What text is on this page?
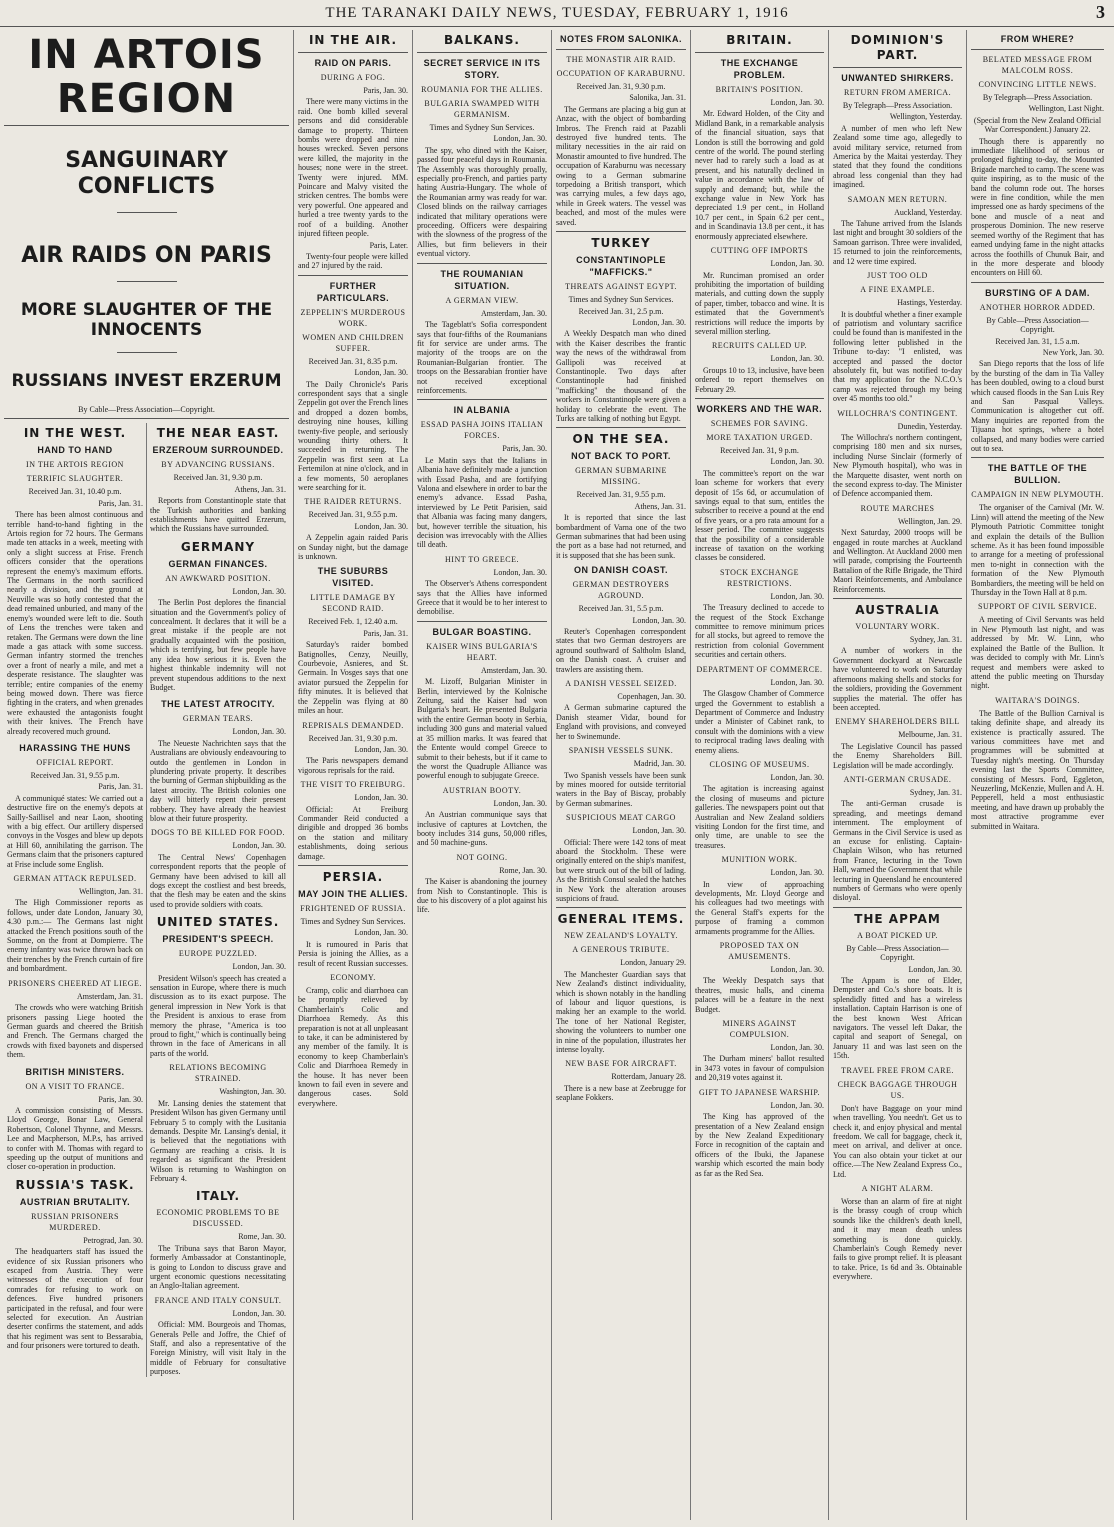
THE TARANAKI DAILY NEWS, TUESDAY, FEBRUARY 1, 1916	3
IN ARTOIS REGION
SANGUINARY CONFLICTS
AIR RAIDS ON PARIS
MORE SLAUGHTER OF THE INNOCENTS
RUSSIANS INVEST ERZERUM
By Cable—Press Association—Copyright.
IN THE WEST.
HAND TO HAND
IN THE ARTOIS REGION
TERRIFIC SLAUGHTER.
Received Jan. 31, 10.40 p.m.
Paris, Jan. 31.

There has been almost continuous and terrible hand-to-hand fighting in the Artois region for 72 hours. The Germans made ten attacks in a week, meeting with only a slight success at Frise. French officers consider that the operations represent the enemy's maximum efforts. The Germans in the north sacrificed nearly a division, and the ground at Neuville was so hotly contested that the dead remained unburied, and many of the enemy's wounded were left to die. South of Lens the trenches were taken and retaken. The Germans were down the line made a gas attack with some success. German infantry stormed the trenches over a front of nearly a mile, and met a desperate resistance. The slaughter was terrible; entire companies of the enemy being mowed down. There was fierce fighting in the craters, and when grenades were exhausted the antagonists fought with their knives. The French have already recovered much ground.

HARASSING THE HUNS
OFFICIAL REPORT.
Received Jan. 31, 9.55 p.m.
Paris, Jan. 31.

A communiqué states: We carried out a destructive fire on the enemy's depots at Sailly-Saillisel and near Laon, shooting with a big effect. Our artillery dispersed convoys in the Vosges and blew up depots at Hill 60, annihilating the garrison. The Germans claim that the prisoners captured at Frise include some English.

GERMAN ATTACK REPULSED.
Wellington, Jan. 31.

The High Commissioner reports as follows, under date London, January 30, 4.30 p.m.:— The Germans last night attacked the French positions south of the Somme, on the front at Dompierre. The enemy infantry was twice thrown back on their trenches by the French curtain of fire and bombardment.

PRISONERS CHEERED AT LIEGE.
Amsterdam, Jan. 31.

The crowds who were watching British prisoners passing Liege hooted the German guards and cheered the British and French. The Germans charged the crowds with fixed bayonets and dispersed them.

BRITISH MINISTERS.
ON A VISIT TO FRANCE.
Paris, Jan. 30.

A commission consisting of Messrs. Lloyd George, Bonar Law, General Robertson, Colonel Thynne, and Messrs. Lee and Macpherson, M.P.s, has arrived to confer with M. Thomas with regard to speeding up the output of munitions and closer co-operation in production.

RUSSIA'S TASK.
AUSTRIAN BRUTALITY.
RUSSIAN PRISONERS MURDERED.
Petrograd, Jan. 30.

The headquarters staff has issued the evidence of six Russian prisoners who escaped from Austria. They were witnesses of the execution of four comrades for refusing to work on defences. Five hundred prisoners participated in the refusal, and four were selected for execution. An Austrian deserter confirms the statement, and adds that his regiment was sent to Bessarabia, and four prisoners were tortured to death.

THE NEAR EAST.
ERZEROUM SURROUNDED.
BY ADVANCING RUSSIANS.
Received Jan. 31, 9.30 p.m.
Athens, Jan. 31.

Reports from Constantinople state that the Turkish authorities and banking establishments have quitted Erzerum, which the Russians have surrounded.

GERMANY
GERMAN FINANCES.
AN AWKWARD POSITION.
London, Jan. 30.

The Berlin Post deplores the financial situation and the Government's policy of concealment. It declares that it will be a great mistake if the people are not gradually acquainted with the position, which is terrifying, but few people have any idea how serious it is. Even the highest thinkable indemnity will not prevent stupendous additions to the next Budget.

THE LATEST ATROCITY.
GERMAN TEARS.
London, Jan. 30.

The Neueste Nachrichten says that the Australians are obviously endeavouring to outdo the gentlemen in London in plundering private property. It describes the burning of German shipbuilding as the latest atrocity. The British colonies one day will bitterly repent their present robbery. They have already the heaviest blow at their future prosperity.

DOGS TO BE KILLED FOR FOOD.
London, Jan. 30.

The Central News' Copenhagen correspondent reports that the people of Germany have been advised to kill all dogs except the costliest and best breeds, that the flesh may be eaten and the skins used to provide soldiers with coats.

UNITED STATES.
PRESIDENT'S SPEECH.
EUROPE PUZZLED.
London, Jan. 30.

President Wilson's speech has created a sensation in Europe, where there is much discussion as to its exact purpose. The general impression in New York is that the President is anxious to erase from memory the phrase, "America is too proud to fight," which is continually being thrown in the face of Americans in all parts of the world.

RELATIONS BECOMING STRAINED.
Washington, Jan. 30.

Mr. Lansing denies the statement that President Wilson has given Germany until February 5 to comply with the Lusitania demands. Despite Mr. Lansing's denial, it is believed that the negotiations with Germany are reaching a crisis. It is regarded as significant the President Wilson is returning to Washington on February 4.

ITALY.
ECONOMIC PROBLEMS TO BE DISCUSSED.
Rome, Jan. 30.

The Tribuna says that Baron Mayor, formerly Ambassador at Constantinople, is going to London to discuss grave and urgent economic questions necessitating an Anglo-Italian agreement.

FRANCE AND ITALY CONSULT.
London, Jan. 30.

Official: MM. Bourgeois and Thomas, Generals Pelle and Joffre, the Chief of Staff, and also a representative of the Foreign Ministry, will visit Italy in the middle of February for consultative purposes.

IN THE AIR.
RAID ON PARIS.
DURING A FOG.
Paris, Jan. 30.

There were many victims in the raid. One bomb killed several persons and did considerable damage to property. Thirteen bombs were dropped and nine houses wrecked. Seven persons were killed, the majority in the houses; none were in the street. Twenty were injured. MM. Poincare and Malvy visited the stricken centres. The bombs were very powerful. One appeared and hurled a tree twenty yards to the roof of a building. Another injured fifteen people.

Paris, Later.

Twenty-four people were killed and 27 injured by the raid.

FURTHER PARTICULARS.
ZEPPELIN'S MURDEROUS WORK.
WOMEN AND CHILDREN SUFFER.
Received Jan. 31, 8.35 p.m.
London, Jan. 30.

The Daily Chronicle's Paris correspondent says that a single Zeppelin got over the French lines and dropped a dozen bombs, destroying nine houses, killing twenty-five people, and seriously wounding thirty others. It succeeded in returning. The Zeppelin was first seen at La Fertemilon at nine o'clock, and in a few moments, 50 aeroplanes were searching for it.

THE RAIDER RETURNS.
Received Jan. 31, 9.55 p.m.
London, Jan. 30.

A Zeppelin again raided Paris on Sunday night, but the damage is unknown.

THE SUBURBS VISITED.
LITTLE DAMAGE BY SECOND RAID.
Received Feb. 1, 12.40 a.m.
Paris, Jan. 31.

Saturday's raider bombed Batignolles, Cenzy, Neuilly, Courbevoie, Asnieres, and St. Germain. In Vosges says that one aviator pursued the Zeppelin for fifty minutes. It is believed that the Zeppelin was flying at 80 miles an hour.

REPRISALS DEMANDED.
Received Jan. 31, 9.30 p.m.
London, Jan. 30.

The Paris newspapers demand vigorous reprisals for the raid.

THE VISIT TO FREIBURG.
London, Jan. 30.

Official: At Freiburg Commander Reid conducted a dirigible and dropped 36 bombs on the station and military establishments, doing serious damage.

PERSIA.
MAY JOIN THE ALLIES.
FRIGHTENED OF RUSSIA.
Times and Sydney Sun Services.
London, Jan. 30.

It is rumoured in Paris that Persia is joining the Allies, as a result of recent Russian successes.

ECONOMY.

Cramp, colic and diarrhoea can be promptly relieved by Chamberlain's Colic and Diarrhoea Remedy. As this preparation is not at all unpleasant to take, it can be administered by any member of the family. It is economy to keep Chamberlain's Colic and Diarrhoea Remedy in the house. It has never been known to fail even in severe and dangerous cases. Sold everywhere.

BALKANS.
SECRET SERVICE IN ITS STORY.
ROUMANIA FOR THE ALLIES.
BULGARIA SWAMPED WITH GERMANISM.
Times and Sydney Sun Services.
London, Jan. 30.

The spy, who dined with the Kaiser, passed four peaceful days in Roumania. The Assembly was thoroughly proally, especially pro-French, and parties party hating Austria-Hungary. The whole of the Roumanian army was ready for war. Closed blinds on the railway carriages indicated that military operations were proceeding. Officers were despairing with the slowness of the progress of the Allies, but firm believers in their eventual victory.

THE ROUMANIAN SITUATION.
A GERMAN VIEW.
Amsterdam, Jan. 30.

The Tageblatt's Sofia correspondent says that four-fifths of the Roumanians fit for service are under arms. The majority of the troops are on the Roumanian-Bulgarian frontier. The troops on the Bessarabian frontier have not received exceptional reinforcements.

IN ALBANIA
ESSAD PASHA JOINS ITALIAN FORCES.
Paris, Jan. 30.

Le Matin says that the Italians in Albania have definitely made a junction with Essad Pasha, and are fortifying Valona and elsewhere in order to bar the enemy's advance. Essad Pasha, interviewed by Le Petit Parisien, said that Albania was facing many dangers, but, however terrible the situation, his decision was irrevocably with the Allies till death.

HINT TO GREECE.
London, Jan. 30.

The Observer's Athens correspondent says that the Allies have informed Greece that it would be to her interest to demobilise.

BULGAR BOASTING.
KAISER WINS BULGARIA'S HEART.
Amsterdam, Jan. 30.

M. Lizoff, Bulgarian Minister in Berlin, interviewed by the Kolnische Zeitung, said the Kaiser had won Bulgaria's heart. He presented Bulgaria with the entire German booty in Serbia, including 300 guns and material valued at 35 million marks. It was feared that the Entente would compel Greece to submit to their behests, but if it came to the worst the Quadruple Alliance was powerful enough to subjugate Greece.

AUSTRIAN BOOTY.
London, Jan. 30.

An Austrian communique says that inclusive of captures at Lovtchen, the booty includes 314 guns, 50,000 rifles, and 50 machine-guns.

NOT GOING.
Rome, Jan. 30.

The Kaiser is abandoning the journey from Nish to Constantinople. This is due to his discovery of a plot against his life.

NOTES FROM SALONIKA.
THE MONASTIR AIR RAID.
OCCUPATION OF KARABURNU.
Received Jan. 31, 9.30 p.m.
Salonika, Jan. 31.

The Germans are placing a big gun at Anzac, with the object of bombarding Imbros. The French raid at Pazabli destroyed five hundred tents. The military necessities in the air raid on Monastir amounted to five hundred. The occupation of Karaburnu was necessary owing to a German submarine torpedoing a British transport, which was carrying mules, a few days ago, while in Greek waters. The vessel was beached, and most of the mules were saved.

TURKEY
CONSTANTINOPLE "MAFFICKS."
THREATS AGAINST EGYPT.
Times and Sydney Sun Services.
Received Jan. 31, 2.5 p.m.
London, Jan. 30.

A Weekly Despatch man who dined with the Kaiser describes the frantic way the news of the withdrawal from Gallipoli was received at Constantinople. Two days after Constantinople had finished "mafficking" the thousand of the workers in Constantinople were given a holiday to celebrate the event. The Turks are talking of nothing but Egypt.

ON THE SEA.
NOT BACK TO PORT.
GERMAN SUBMARINE MISSING.
Received Jan. 31, 9.55 p.m.
Athens, Jan. 31.

It is reported that since the last bombardment of Varna one of the two German submarines that had been using the port as a base had not returned, and it is supposed that she has been sunk.

ON DANISH COAST.
GERMAN DESTROYERS AGROUND.
Received Jan. 31, 5.5 p.m.
London, Jan. 30.

Reuter's Copenhagen correspondent states that two German destroyers are aground southward of Saltholm Island, on the Danish coast. A cruiser and trawlers are assisting them.

A DANISH VESSEL SEIZED.
Copenhagen, Jan. 30.

A German submarine captured the Danish steamer Vidar, bound for England with provisions, and conveyed her to Swinemunde.

SPANISH VESSELS SUNK.
Madrid, Jan. 30.

Two Spanish vessels have been sunk by mines moored for outside territorial waters in the Bay of Biscay, probably by German submarines.

SUSPICIOUS MEAT CARGO
London, Jan. 30.

Official: There were 142 tons of meat aboard the Stockholm. These were originally entered on the ship's manifest, but were struck out of the bill of lading. As the British Consul sealed the hatches in New York the alteration arouses suspicions of fraud.

GENERAL ITEMS.
NEW ZEALAND'S LOYALTY.
A GENEROUS TRIBUTE.
London, January 29.

The Manchester Guardian says that New Zealand's distinct individuality, which is shown notably in the handling of labour and liquor questions, is making her an example to the world. The tone of her National Register, showing the volunteers to number one in nine of the population, illustrates her intense loyalty.

NEW BASE FOR AIRCRAFT.
Rotterdam, January 28.

There is a new base at Zeebrugge for seaplane Fokkers.

BRITAIN.
THE EXCHANGE PROBLEM.
BRITAIN'S POSITION.
London, Jan. 30.

Mr. Edward Holden, of the City and Midland Bank, in a remarkable analysis of the financial situation, says that London is still the borrowing and gold centre of the world. The pound sterling never had to rarely such a load as at present, and his naturally declined in value in accordance with the law of supply and demand; but, while the exchange value in New York has depreciated 1.9 per cent., in Holland 10.7 per cent., in Spain 6.2 per cent., and in Scandinavia 13.8 per cent., it has enormously appreciated elsewhere.

CUTTING OFF IMPORTS
London, Jan. 30.

Mr. Runciman promised an order prohibiting the importation of building materials, and cutting down the supply of paper, timber, tobacco and wine. It is estimated that the Government's restrictions will reduce the imports by several million sterling.

RECRUITS CALLED UP.
London, Jan. 30.

Groups 10 to 13, inclusive, have been ordered to report themselves on February 29.

WORKERS AND THE WAR.
SCHEMES FOR SAVING.
MORE TAXATION URGED.
Received Jan. 31, 9 p.m.
London, Jan. 30.

The committee's report on the war loan scheme for workers that every deposit of 15s 6d, or accumulation of savings equal to that sum, entitles the subscriber to receive a pound at the end of five years, or a pro rata amount for a lesser period. The committee suggests that the possibility of a considerable increase of taxation on the working classes be considered.

STOCK EXCHANGE RESTRICTIONS.
London, Jan. 30.

The Treasury declined to accede to the request of the Stock Exchange committee to remove minimum prices for all stocks, but agreed to remove the restriction from colonial Government securities and certain others.

DEPARTMENT OF COMMERCE.
London, Jan. 30.

The Glasgow Chamber of Commerce urged the Government to establish a Department of Commerce and Industry under a Minister of Cabinet rank, to consult with the dominions with a view to reciprocal trading laws dealing with enemy aliens.

CLOSING OF MUSEUMS.
London, Jan. 30.

The agitation is increasing against the closing of museums and picture galleries. The newspapers point out that Australian and New Zealand soldiers visiting London for the first time, and only time, are unable to see the treasures.

MUNITION WORK.
London, Jan. 30.

In view of approaching developments, Mr. Lloyd George and his colleagues had two meetings with the General Staff's experts for the purpose of framing a common armaments programme for the Allies.

PROPOSED TAX ON AMUSEMENTS.
London, Jan. 30.

The Weekly Despatch says that theatres, music halls, and cinema palaces will be a feature in the next Budget.

MINERS AGAINST COMPULSION.
London, Jan. 30.

The Durham miners' ballot resulted in 3473 votes in favour of compulsion and 20,319 votes against it.

GIFT TO JAPANESE WARSHIP.
London, Jan. 30.

The King has approved of the presentation of a New Zealand ensign by the New Zealand Expeditionary Force in recognition of the captain and officers of the Ibuki, the Japanese warship which escorted the main body as far as the Red Sea.

DOMINION'S PART.
UNWANTED SHIRKERS.
RETURN FROM AMERICA.
By Telegraph—Press Association.
Wellington, Yesterday.

A number of men who left New Zealand some time ago, allegedly to avoid military service, returned from America by the Maitai yesterday. They stated that they found the conditions abroad less congenial than they had imagined.

SAMOAN MEN RETURN.
Auckland, Yesterday.

The Tahune arrived from the Islands last night and brought 30 soldiers of the Samoan garrison. Three were invalided, 15 returned to join the reinforcements, and 12 were time expired.

JUST TOO OLD
A FINE EXAMPLE.
Hastings, Yesterday.

It is doubtful whether a finer example of patriotism and voluntary sacrifice could be found than is manifested in the following letter published in the Tribune to-day: "I enlisted, was accepted and passed the doctor absolutely fit, but was notified to-day that my application for the N.C.O.'s camp was rejected through my being over 45 months too old."

WILLOCHRA'S CONTINGENT.
Dunedin, Yesterday.

The Willochra's northern contingent, comprising 180 men and six nurses, including Nurse Sinclair (formerly of New Plymouth hospital), who was in the Marquette disaster, went north on the second express to-day. The Minister of Defence accompanied them.

ROUTE MARCHES
Wellington, Jan. 29.

Next Saturday, 2000 troops will be engaged in route marches at Auckland and Wellington. At Auckland 2000 men will parade, comprising the Fourteenth Battalion of the Rifle Brigade, the Third Maori Reinforcements, and Ambulance Reinforcements.

AUSTRALIA
VOLUNTARY WORK.
Sydney, Jan. 31.

A number of workers in the Government dockyard at Newcastle have volunteered to work on Saturday afternoons making shells and stocks for the soldiers, providing the Government supplies the material. The offer has been accepted.

ENEMY SHAREHOLDERS BILL
Melbourne, Jan. 31.

The Legislative Council has passed the Enemy Shareholders Bill. Legislation will be made accordingly.

ANTI-GERMAN CRUSADE.
Sydney, Jan. 31.

The anti-German crusade is spreading, and meetings demand internment. The employment of Germans in the Civil Service is used as an excuse for enlisting. Captain-Chaplain Wilson, who has returned from France, lecturing in the Town Hall, warned the Government that while lecturing in Queensland he encountered numbers of Germans who were openly disloyal.

THE APPAM
A BOAT PICKED UP.
By Cable—Press Association—Copyright.
London, Jan. 30.

The Appam is one of Elder, Dempster and Co.'s shore boats. It is splendidly fitted and has a wireless installation. Captain Harrison is one of the best known West African navigators. The vessel left Dakar, the capital and seaport of Senegal, on January 11 and was last seen on the 15th.

TRAVEL FREE FROM CARE.
CHECK BAGGAGE THROUGH US.

Don't have Baggage on your mind when travelling. You needn't. Get us to check it, and enjoy physical and mental freedom. We call for baggage, check it, meet on arrival, and deliver at once. You can also obtain your ticket at our office.—The New Zealand Express Co., Ltd.

A NIGHT ALARM.

Worse than an alarm of fire at night is the brassy cough of croup which sounds like the children's death knell, and it may mean death unless something is done quickly. Chamberlain's Cough Remedy never fails to give prompt relief. It is pleasant to take. Price, 1s 6d and 3s. Obtainable everywhere.

FROM WHERE?
BELATED MESSAGE FROM MALCOLM ROSS.
CONVINCING LITTLE NEWS.
By Telegraph—Press Association.
Wellington, Last Night.
(Special from the New Zealand Official War Correspondent.) January 22.

Though there is apparently no immediate likelihood of serious or prolonged fighting to-day, the Mounted Brigade marched to camp. The scene was quite inspiring, as to the music of the band the column rode out. The horses were in fine condition, while the men impressed one as hardy specimens of the bone and muscle of a neat and prosperous Dominion. The new reserve seemed worthy of the Regiment that has earned undying fame in the night attacks across the foothills of Chunuk Bair, and in the more desperate and bloody encounters on Hill 60.

BURSTING OF A DAM.
ANOTHER HORROR ADDED.
By Cable—Press Association—Copyright.
Received Jan. 31, 1.5 a.m.
New York, Jan. 30.

San Diego reports that the loss of life by the bursting of the dam in Tia Valley has been doubled, owing to a cloud burst which caused floods in the San Luis Rey and San Pasqual Valleys. Communication is altogether cut off. Many inquiries are reported from the Tijuana hot springs, where a hotel collapsed, and many bodies were carried out to sea.

THE BATTLE OF THE BULLION.
CAMPAIGN IN NEW PLYMOUTH.

The organiser of the Carnival (Mr. W. Linn) will attend the meeting of the New Plymouth Patriotic Committee tonight and explain the details of the Bullion scheme. As it has been found impossible to arrange for a meeting of professional men to-night in connection with the formation of the New Plymouth Bombardiers, the meeting will be held on Thursday in the Town Hall at 8 p.m.

SUPPORT OF CIVIL SERVICE.

A meeting of Civil Servants was held in New Plymouth last night, and was addressed by Mr. W. Linn, who explained the Battle of the Bullion. It was decided to comply with Mr. Linn's request and members were asked to attend the public meeting on Thursday night.

WAITARA'S DOINGS.

The Battle of the Bullion Carnival is taking definite shape, and already its existence is practically assured. The various committees have met and programmes will be submitted at Tuesday night's meeting. On Thursday evening last the Sports Committee, consisting of Messrs. Ford, Eggleton, Neuzerling, McKenzie, Mullen and A. H. Pepperell, held a most enthusiastic meeting, and have drawn up probably the most attractive programme ever submitted in Waitara.
